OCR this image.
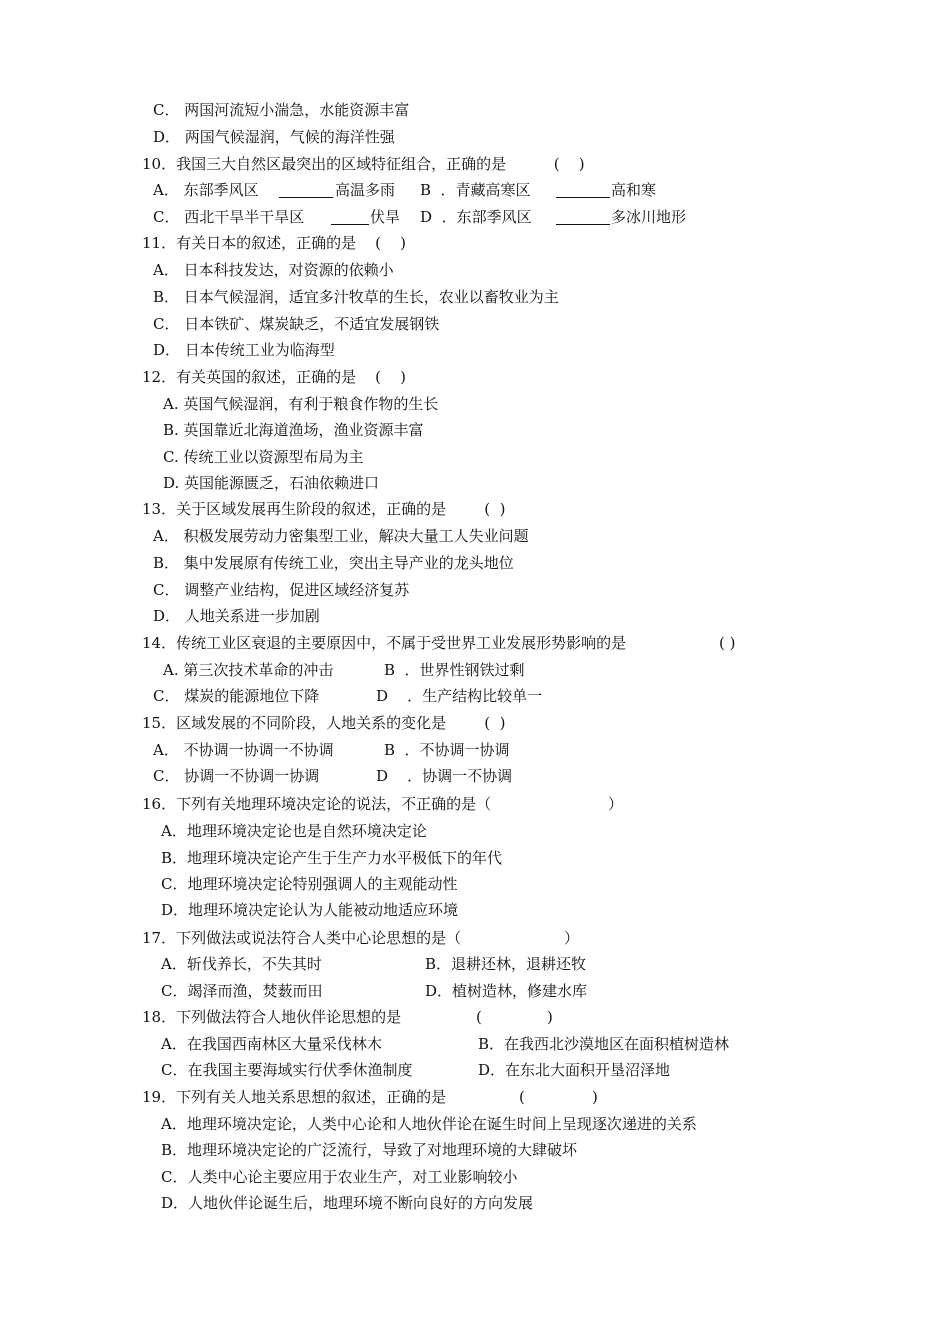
C． 两国河流短小湍急，水能资源丰富
D． 两国气候湿润，气候的海洋性强
10．我国三大自然区最突出的区域特征组合，正确的是          (    )
A． 东部季风区	高温多雨 B  ．青藏高寒区	高和寒
C． 西北干旱半干旱区	伏旱 D  ．东部季风区	多冰川地形
11．有关日本的叙述，正确的是    (    )
A． 日本科技发达，对资源的依赖小
B． 日本气候湿润，适宜多汁牧草的生长，农业以畜牧业为主
C． 日本铁矿、煤炭缺乏，不适宜发展钢铁
D． 日本传统工业为临海型
12．有关英国的叙述，正确的是    (    )
A. 英国气候湿润，有利于粮食作物的生长
B. 英国靠近北海道渔场，渔业资源丰富
C. 传统工业以资源型布局为主
D. 英国能源匮乏，石油依赖进口
13．关于区域发展再生阶段的叙述，正确的是        (  )
A． 积极发展劳动力密集型工业，解决大量工人失业问题
B． 集中发展原有传统工业，突出主导产业的龙头地位
C． 调整产业结构，促进区域经济复苏
D． 人地关系进一步加剧
14．传统工业区衰退的主要原因中，不属于受世界工业发展形势影响的是	( )
A. 第三次技术革命的冲击	B  ．世界性钢铁过剩
C． 煤炭的能源地位下降	D    ．生产结构比较单一
15．区域发展的不同阶段，人地关系的变化是        (  )
A． 不协调一协调一不协调	B  ．不协调一协调
C． 协调一不协调一协调	D    ．协调一不协调
16．下列有关地理环境决定论的说法，不正确的是（	）
A．地理环境决定论也是自然环境决定论
B．地理环境决定论产生于生产力水平极低下的年代
C．地理环境决定论特别强调人的主观能动性
D．地理环境决定论认为人能被动地适应环境
17．下列做法或说法符合人类中心论思想的是（	）
A．斩伐养长，不失其时	B．退耕还林，退耕还牧
C．竭泽而渔，焚薮而田	D．植树造林，修建水库
18．下列做法符合人地伙伴论思想的是	(	)
A．在我国西南林区大量采伐林木	B．在我西北沙漠地区在面积植树造林
C．在我国主要海域实行伏季休渔制度	D．在东北大面积开垦沼泽地
19．下列有关人地关系思想的叙述，正确的是	(	)
A．地理环境决定论，人类中心论和人地伙伴论在诞生时间上呈现逐次递进的关系
B．地理环境决定论的广泛流行，导致了对地理环境的大肆破坏
C．人类中心论主要应用于农业生产，对工业影响较小
D．人地伙伴论诞生后，地理环境不断向良好的方向发展
